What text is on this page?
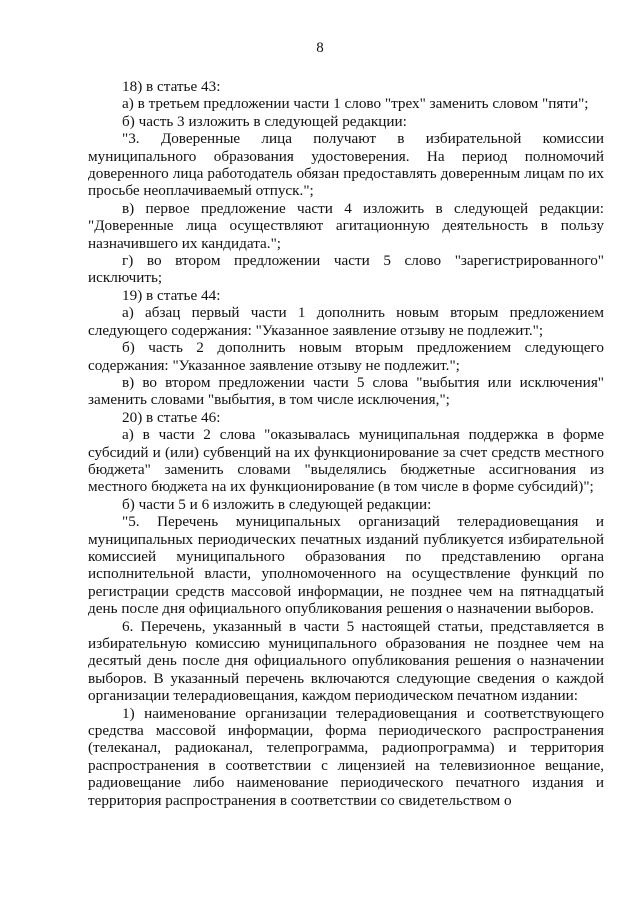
8

18) в статье 43:

а) в третьем предложении части 1 слово "трех" заменить словом "пяти";

б) часть 3 изложить в следующей редакции:

"3. Доверенные лица получают в избирательной комиссии муниципального образования удостоверения. На период полномочий доверенного лица работодатель обязан предоставлять доверенным лицам по их просьбе неоплачиваемый отпуск.";

в) первое предложение части 4 изложить в следующей редакции: "Доверенные лица осуществляют агитационную деятельность в пользу назначившего их кандидата.";

г) во втором предложении части 5 слово "зарегистрированного" исключить;

19) в статье 44:

а) абзац первый части 1 дополнить новым вторым предложением следующего содержания: "Указанное заявление отзыву не подлежит.";

б) часть 2 дополнить новым вторым предложением следующего содержания: "Указанное заявление отзыву не подлежит.";

в) во втором предложении части 5 слова "выбытия или исключения" заменить словами "выбытия, в том числе исключения,";

20) в статье 46:

а) в части 2 слова "оказывалась муниципальная поддержка в форме субсидий и (или) субвенций на их функционирование за счет средств местного бюджета" заменить словами "выделялись бюджетные ассигнования из местного бюджета на их функционирование (в том числе в форме субсидий)";

б) части 5 и 6 изложить в следующей редакции:

"5. Перечень муниципальных организаций телерадиовещания и муниципальных периодических печатных изданий публикуется избирательной комиссией муниципального образования по представлению органа исполнительной власти, уполномоченного на осуществление функций по регистрации средств массовой информации, не позднее чем на пятнадцатый день после дня официального опубликования решения о назначении выборов.

6. Перечень, указанный в части 5 настоящей статьи, представляется в избирательную комиссию муниципального образования не позднее чем на десятый день после дня официального опубликования решения о назначении выборов. В указанный перечень включаются следующие сведения о каждой организации телерадиовещания, каждом периодическом печатном издании:

1) наименование организации телерадиовещания и соответствующего средства массовой информации, форма периодического распространения (телеканал, радиоканал, телепрограмма, радиопрограмма) и территория распространения в соответствии с лицензией на телевизионное вещание, радиовещание либо наименование периодического печатного издания и территория распространения в соответствии со свидетельством о
